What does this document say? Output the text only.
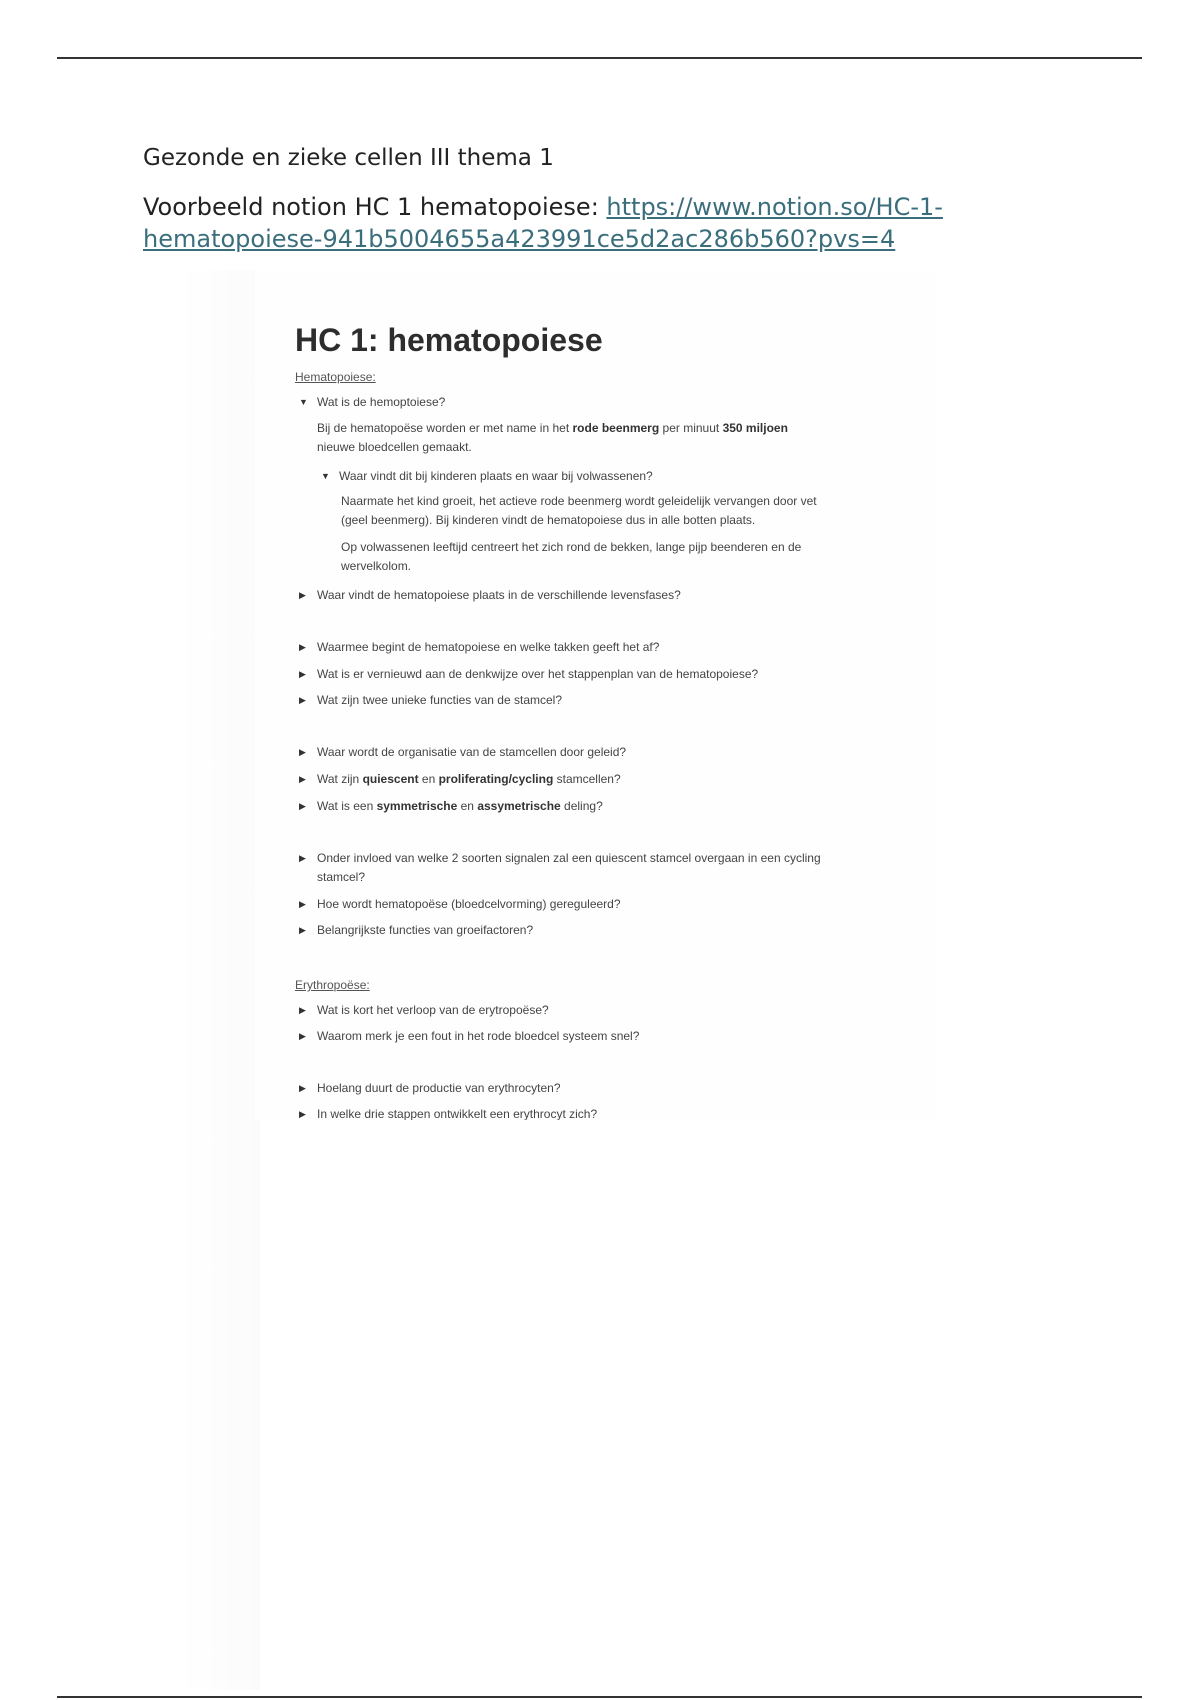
Gezonde en zieke cellen III thema 1
Voorbeeld notion HC 1 hematopoiese: https://www.notion.so/HC-1-
hematopoiese-941b5004655a423991ce5d2ac286b560?pvs=4
HC 1: hematopoiese
Hematopoiese:
▼ Wat is de hemoptoiese?
Bij de hematopoëse worden er met name in het rode beenmerg per minuut 350 miljoen
nieuwe bloedcellen gemaakt.
▼ Waar vindt dit bij kinderen plaats en waar bij volwassenen?
Naarmate het kind groeit, het actieve rode beenmerg wordt geleidelijk vervangen door vet
(geel beenmerg). Bij kinderen vindt de hematopoiese dus in alle botten plaats.
Op volwassenen leeftijd centreert het zich rond de bekken, lange pijp beenderen en de
wervelkolom.
▶ Waar vindt de hematopoiese plaats in de verschillende levensfases?
▶ Waarmee begint de hematopoiese en welke takken geeft het af?
▶ Wat is er vernieuwd aan de denkwijze over het stappenplan van de hematopoiese?
▶ Wat zijn twee unieke functies van de stamcel?
▶ Waar wordt de organisatie van de stamcellen door geleid?
▶ Wat zijn quiescent en proliferating/cycling stamcellen?
▶ Wat is een symmetrische en assymetrische deling?
▶ Onder invloed van welke 2 soorten signalen zal een quiescent stamcel overgaan in een cycling
stamcel?
▶ Hoe wordt hematopoëse (bloedcelvorming) gereguleerd?
▶ Belangrijkste functies van groeifactoren?
Erythropoëse:
▶ Wat is kort het verloop van de erytropoëse?
▶ Waarom merk je een fout in het rode bloedcel systeem snel?
▶ Hoelang duurt de productie van erythrocyten?
▶ In welke drie stappen ontwikkelt een erythrocyt zich?
